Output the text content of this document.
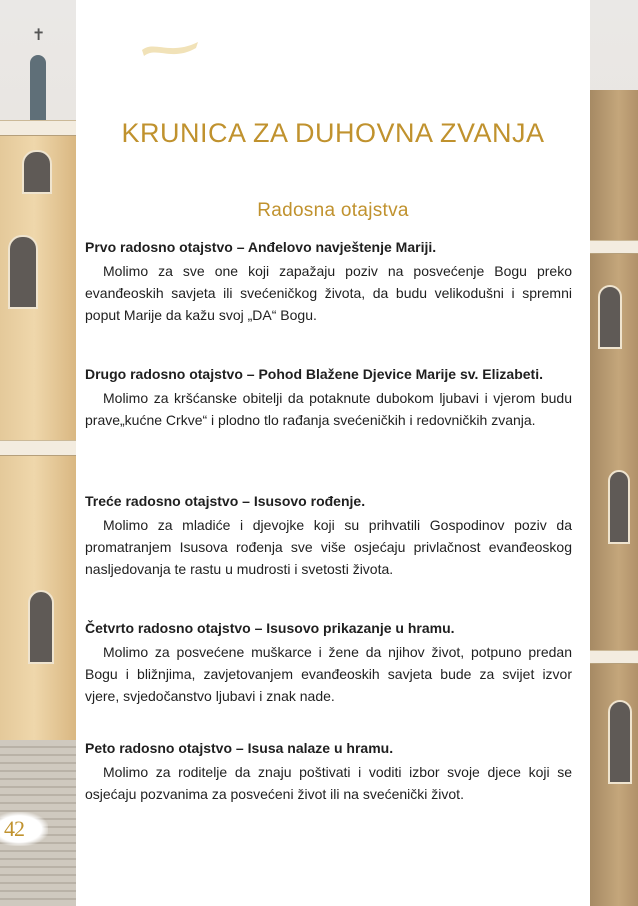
✝
KRUNICA ZA DUHOVNA ZVANJA
Radosna otajstva
Prvo radosno otajstvo – Anđelovo navještenje Mariji.
Molimo za sve one koji zapažaju poziv na posvećenje Bogu preko evanđeoskih savjeta ili svećeničkog života, da budu velikodušni i spremni poput Marije da kažu svoj „DA“ Bogu.
Drugo radosno otajstvo – Pohod Blažene Djevice Marije sv. Elizabeti.
Molimo za kršćanske obitelji da potaknute dubokom ljubavi i vjerom budu prave„kućne Crkve“ i plodno tlo rađanja svećeničkih i redovničkih zvanja.
Treće radosno otajstvo – Isusovo rođenje.
Molimo za mladiće i djevojke koji su prihvatili Gospodinov poziv da promatranjem Isusova rođenja sve više osjećaju privlačnost evanđeoskog nasljedovanja te rastu u mudrosti i svetosti života.
Četvrto radosno otajstvo – Isusovo prikazanje u hramu.
Molimo za posvećene muškarce i žene da njihov život, potpuno predan Bogu i bližnjima, zavjetovanjem evanđeoskih savjeta bude za svijet izvor vjere, svjedočanstvo ljubavi i znak nade.
Peto radosno otajstvo – Isusa nalaze u hramu.
Molimo za roditelje da znaju poštivati i voditi izbor svoje djece koji se osjećaju pozvanima za posvećeni život ili na svećenički život.
42
